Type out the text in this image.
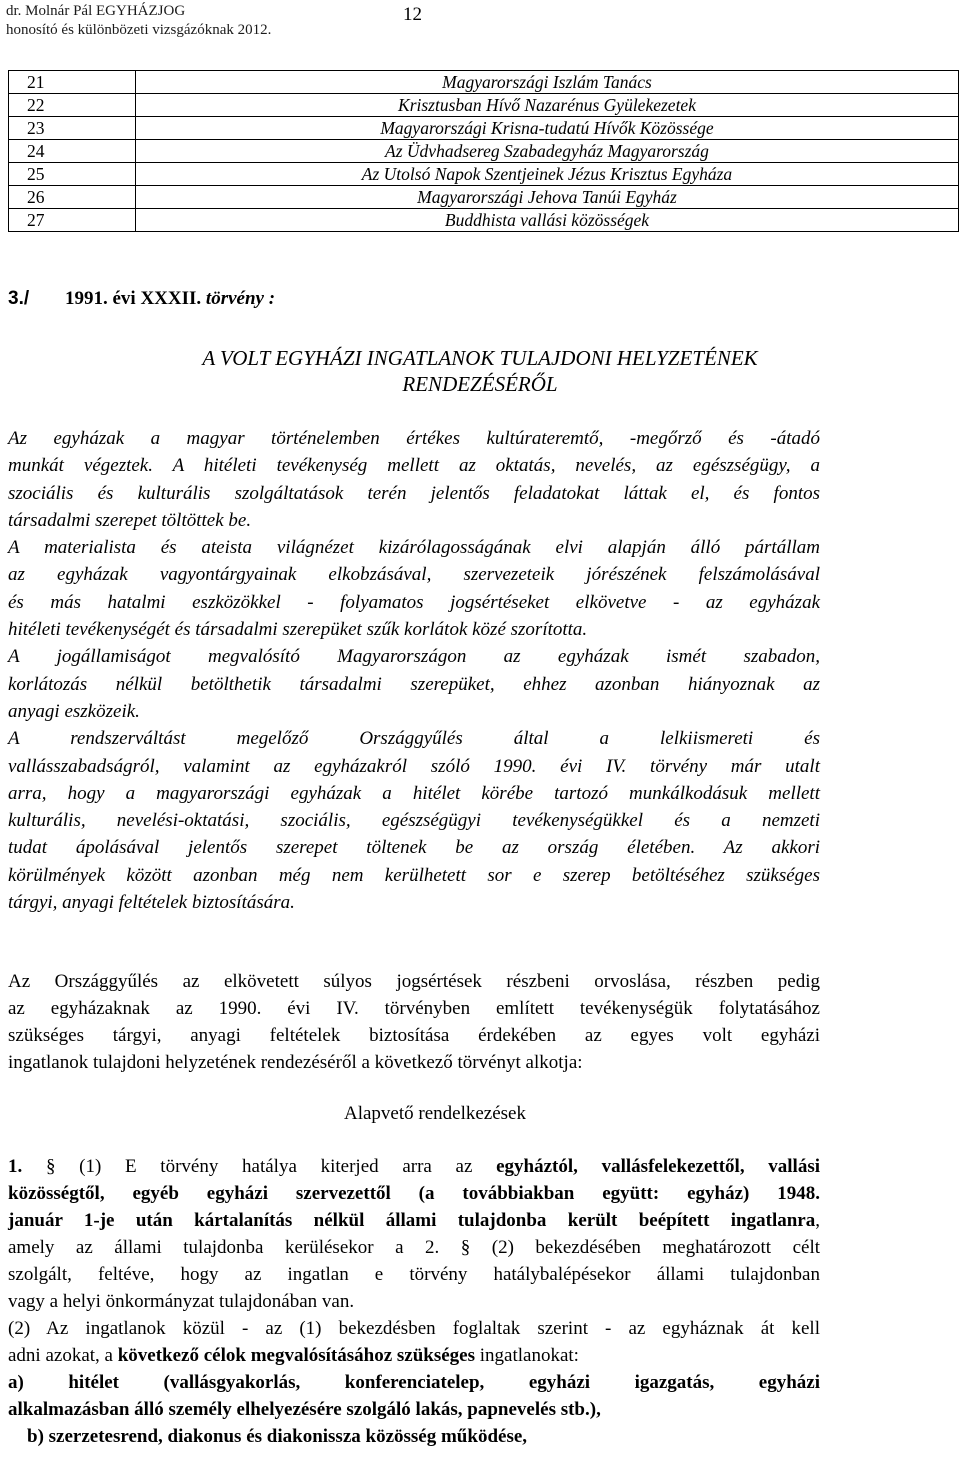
dr. Molnár Pál EGYHÁZJOG
honosító és különbözeti vizsgázóknak 2012.
12
21	Magyarországi Iszlám Tanács
22	Krisztusban Hívő Nazarénus Gyülekezetek
23	Magyarországi Krisna-tudatú Hívők Közössége
24	Az Üdvhadsereg Szabadegyház Magyarország
25	Az Utolsó Napok Szentjeinek Jézus Krisztus Egyháza
26	Magyarországi Jehova Tanúi Egyház
27	Buddhista vallási közösségek
3./ 1991. évi XXXII. törvény :
A VOLT EGYHÁZI INGATLANOK TULAJDONI HELYZETÉNEK
RENDEZÉSÉRŐL

Az egyházak a magyar történelemben értékes kultúrateremtő, -megőrző és -átadó
munkát végeztek. A hitéleti tevékenység mellett az oktatás, nevelés, az egészségügy, a
szociális és kulturális szolgáltatások terén jelentős feladatokat láttak el, és fontos
társadalmi szerepet töltöttek be.

A materialista és ateista világnézet kizárólagosságának elvi alapján álló pártállam
az egyházak vagyontárgyainak elkobzásával, szervezeteik jórészének felszámolásával
és más hatalmi eszközökkel - folyamatos jogsértéseket elkövetve - az egyházak
hitéleti tevékenységét és társadalmi szerepüket szűk korlátok közé szorította.

A jogállamiságot megvalósító Magyarországon az egyházak ismét szabadon,
korlátozás nélkül betölthetik társadalmi szerepüket, ehhez azonban hiányoznak az
anyagi eszközeik.

A rendszerváltást megelőző Országgyűlés által a lelkiismereti és
vallásszabadságról, valamint az egyházakról szóló 1990. évi IV. törvény már utalt
arra, hogy a magyarországi egyházak a hitélet körébe tartozó munkálkodásuk mellett
kulturális, nevelési-oktatási, szociális, egészségügyi tevékenységükkel és a nemzeti
tudat ápolásával jelentős szerepet töltenek be az ország életében. Az akkori
körülmények között azonban még nem kerülhetett sor e szerep betöltéséhez szükséges
tárgyi, anyagi feltételek biztosítására.

Az Országgyűlés az elkövetett súlyos jogsértések részbeni orvoslása, részben pedig
az egyházaknak az 1990. évi IV. törvényben említett tevékenységük folytatásához
szükséges tárgyi, anyagi feltételek biztosítása érdekében az egyes volt egyházi
ingatlanok tulajdoni helyzetének rendezéséről a következő törvényt alkotja:
Alapvető rendelkezések
1. § (1) E törvény hatálya kiterjed arra az egyháztól, vallásfelekezettől, vallási
közösségtől, egyéb egyházi szervezettől (a továbbiakban együtt: egyház) 1948.
január 1-je után kártalanítás nélkül állami tulajdonba került beépített ingatlanra,
amely az állami tulajdonba kerülésekor a 2. § (2) bekezdésében meghatározott célt
szolgált, feltéve, hogy az ingatlan e törvény hatálybalépésekor állami tulajdonban
vagy a helyi önkormányzat tulajdonában van.
(2) Az ingatlanok közül - az (1) bekezdésben foglaltak szerint - az egyháznak át kell
adni azokat, a következő célok megvalósításához szükséges ingatlanokat:
a) hitélet (vallásgyakorlás, konferenciatelep, egyházi igazgatás, egyházi
alkalmazásban álló személy elhelyezésére szolgáló lakás, papnevelés stb.),
b) szerzetesrend, diakonus és diakonissza közösség működése,
